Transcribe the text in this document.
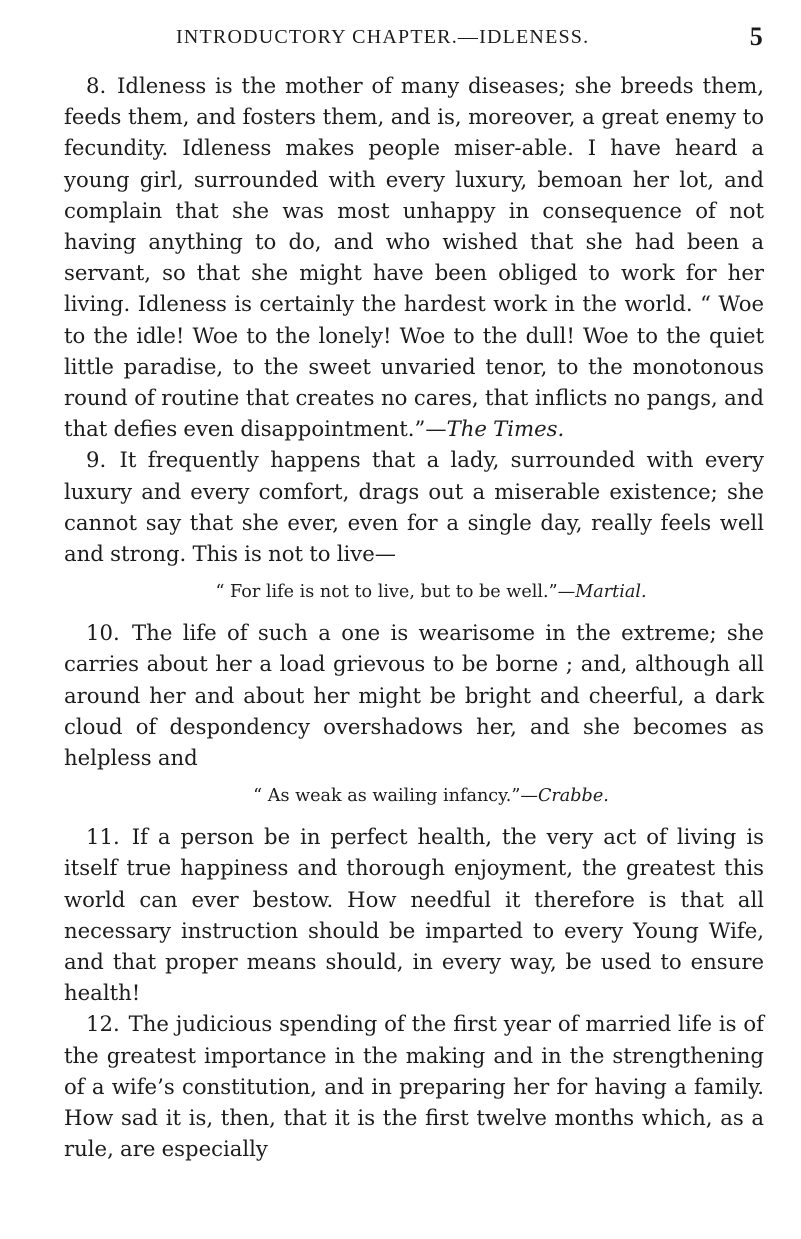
INTRODUCTORY CHAPTER.—IDLENESS.	5

8. Idleness is the mother of many diseases; she breeds them, feeds them, and fosters them, and is, moreover, a great enemy to fecundity. Idleness makes people miser-able. I have heard a young girl, surrounded with every luxury, bemoan her lot, and complain that she was most unhappy in consequence of not having anything to do, and who wished that she had been a servant, so that she might have been obliged to work for her living. Idleness is certainly the hardest work in the world. “ Woe to the idle! Woe to the lonely! Woe to the dull! Woe to the quiet little paradise, to the sweet unvaried tenor, to the monotonous round of routine that creates no cares, that inflicts no pangs, and that defies even disappointment.”—The Times.

9. It frequently happens that a lady, surrounded with every luxury and every comfort, drags out a miserable existence; she cannot say that she ever, even for a single day, really feels well and strong. This is not to live—

“ For life is not to live, but to be well.”—Martial.

10. The life of such a one is wearisome in the extreme; she carries about her a load grievous to be borne ; and, although all around her and about her might be bright and cheerful, a dark cloud of despondency overshadows her, and she becomes as helpless and

“ As weak as wailing infancy.”—Crabbe.

11. If a person be in perfect health, the very act of living is itself true happiness and thorough enjoyment, the greatest this world can ever bestow. How needful it therefore is that all necessary instruction should be imparted to every Young Wife, and that proper means should, in every way, be used to ensure health!

12. The judicious spending of the first year of married life is of the greatest importance in the making and in the strengthening of a wife’s constitution, and in preparing her for having a family. How sad it is, then, that it is the first twelve months which, as a rule, are especially
